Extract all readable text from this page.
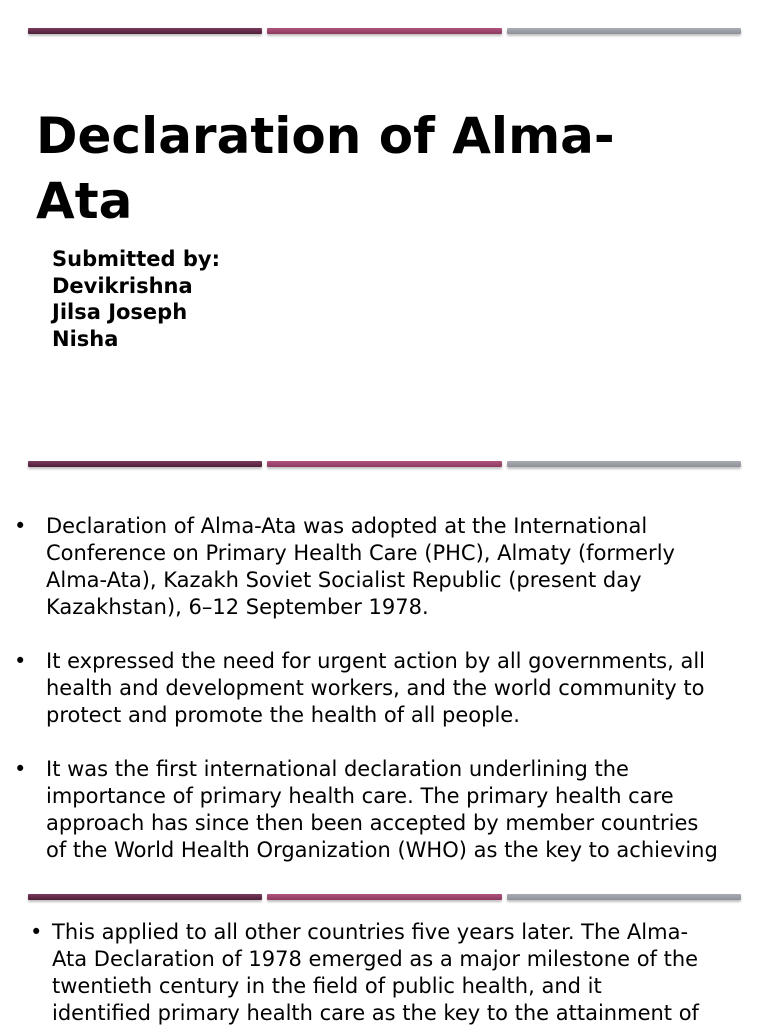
Declaration of Alma-
Ata
Submitted by:
Devikrishna
Jilsa Joseph
Nisha
• Declaration of Alma-Ata was adopted at the International
Conference on Primary Health Care (PHC), Almaty (formerly
Alma-Ata), Kazakh Soviet Socialist Republic (present day
Kazakhstan), 6–12 September 1978.
• It expressed the need for urgent action by all governments, all
health and development workers, and the world community to
protect and promote the health of all people.
• It was the first international declaration underlining the
importance of primary health care. The primary health care
approach has since then been accepted by member countries
of the World Health Organization (WHO) as the key to achieving
• This applied to all other countries five years later. The Alma-
Ata Declaration of 1978 emerged as a major milestone of the
twentieth century in the field of public health, and it
identified primary health care as the key to the attainment of
